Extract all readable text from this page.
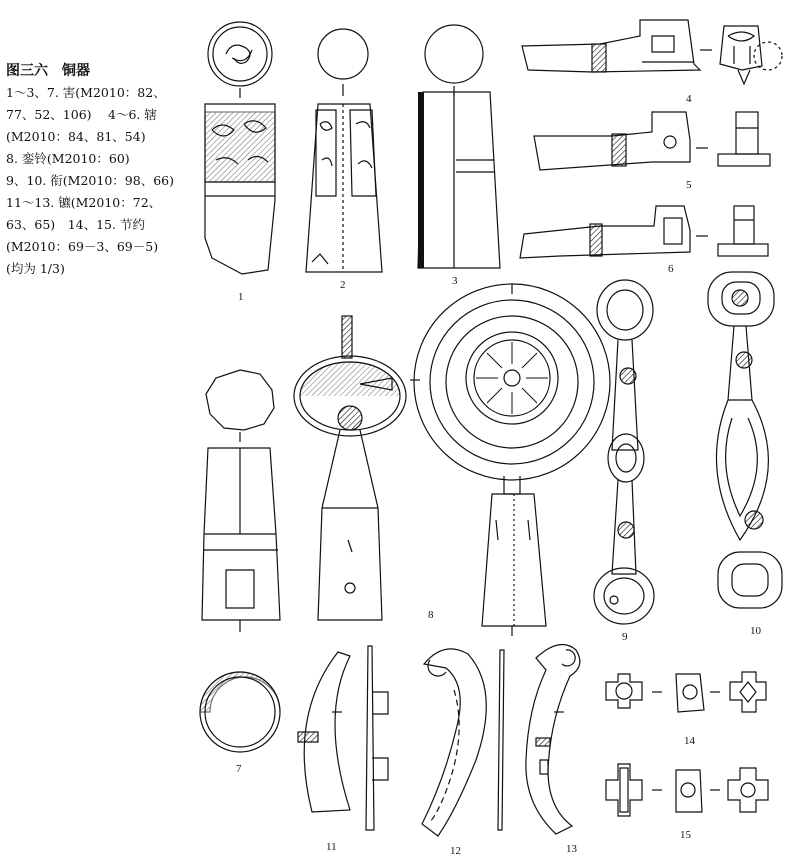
图三六　铜器
1～3、7. 害(M2010：82、
77、52、106)　 4～6. 辖
(M2010：84、81、54)
8. 銮铃(M2010：60)
9、10. 衔(M2010：98、66)
11～13. 镳(M2010：72、
63、65)　14、15. 节约
(M2010：69－3、69－5)
(均为 1/3)
1
2	3
4
5
6
7
8
9	10
11	12	13
14
15
